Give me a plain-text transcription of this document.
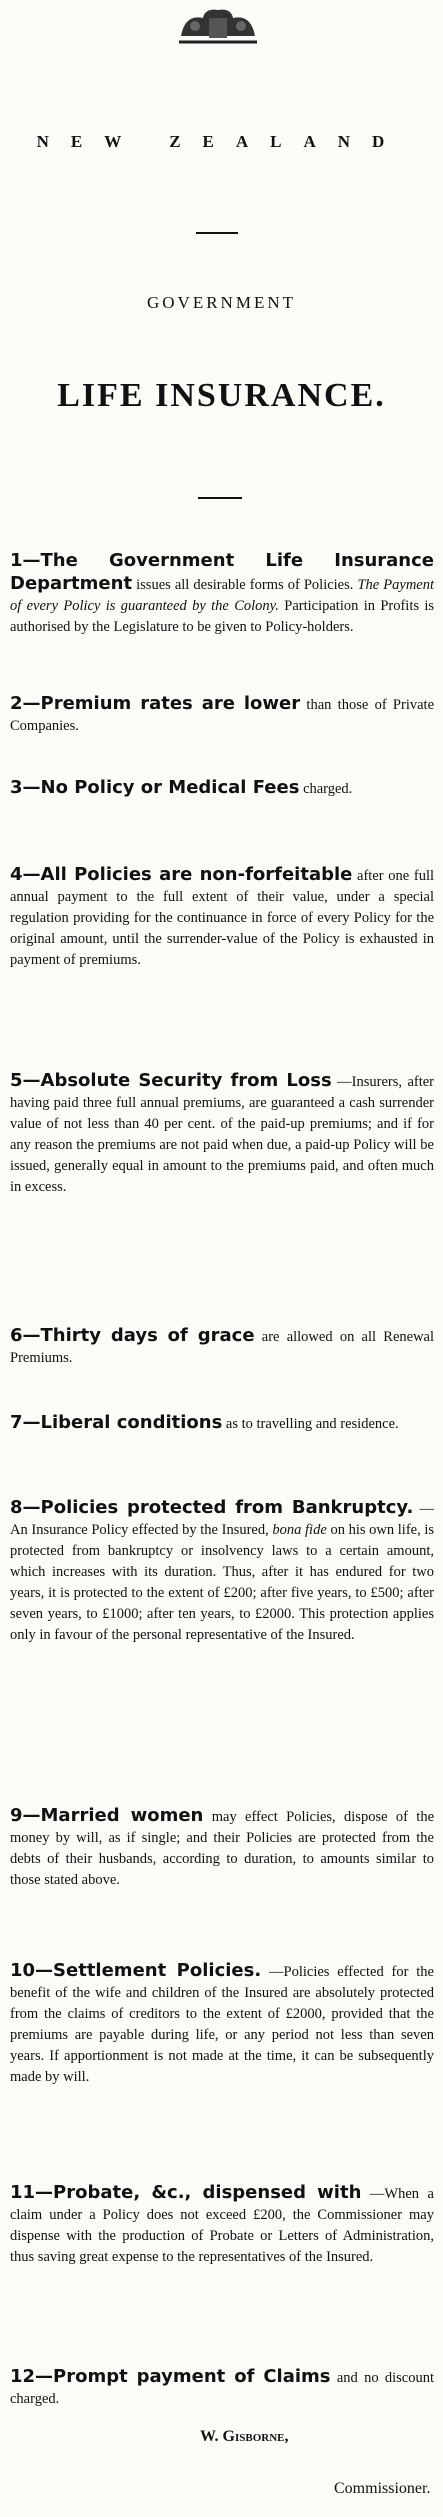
NEW ZEALAND
GOVERNMENT
LIFE INSURANCE.
1—The Government Life Insurance Department issues all desirable forms of Policies. The Payment of every Policy is guaranteed by the Colony. Participation in Profits is authorised by the Legislature to be given to Policy-holders.
2—Premium rates are lower than those of Private Companies.
3—No Policy or Medical Fees charged.
4—All Policies are non-forfeitable after one full annual payment to the full extent of their value, under a special regulation providing for the continuance in force of every Policy for the original amount, until the surrender-value of the Policy is exhausted in payment of premiums.
5—Absolute Security from Loss —Insurers, after having paid three full annual premiums, are guaranteed a cash surrender value of not less than 40 per cent. of the paid-up premiums; and if for any reason the premiums are not paid when due, a paid-up Policy will be issued, generally equal in amount to the premiums paid, and often much in excess.
6—Thirty days of grace are allowed on all Renewal Premiums.
7—Liberal conditions as to travelling and residence.
8—Policies protected from Bankruptcy. —An Insurance Policy effected by the Insured, bona fide on his own life, is protected from bankruptcy or insolvency laws to a certain amount, which increases with its duration. Thus, after it has endured for two years, it is protected to the extent of £200; after five years, to £500; after seven years, to £1000; after ten years, to £2000. This protection applies only in favour of the personal representative of the Insured.
9—Married women may effect Policies, dispose of the money by will, as if single; and their Policies are protected from the debts of their husbands, according to duration, to amounts similar to those stated above.
10—Settlement Policies. —Policies effected for the benefit of the wife and children of the Insured are absolutely protected from the claims of creditors to the extent of £2000, provided that the premiums are payable during life, or any period not less than seven years. If apportionment is not made at the time, it can be subsequently made by will.
11—Probate, &c., dispensed with —When a claim under a Policy does not exceed £200, the Commissioner may dispense with the production of Probate or Letters of Administration, thus saving great expense to the representatives of the Insured.
12—Prompt payment of Claims and no discount charged.
W. Gisborne,
Commissioner.
